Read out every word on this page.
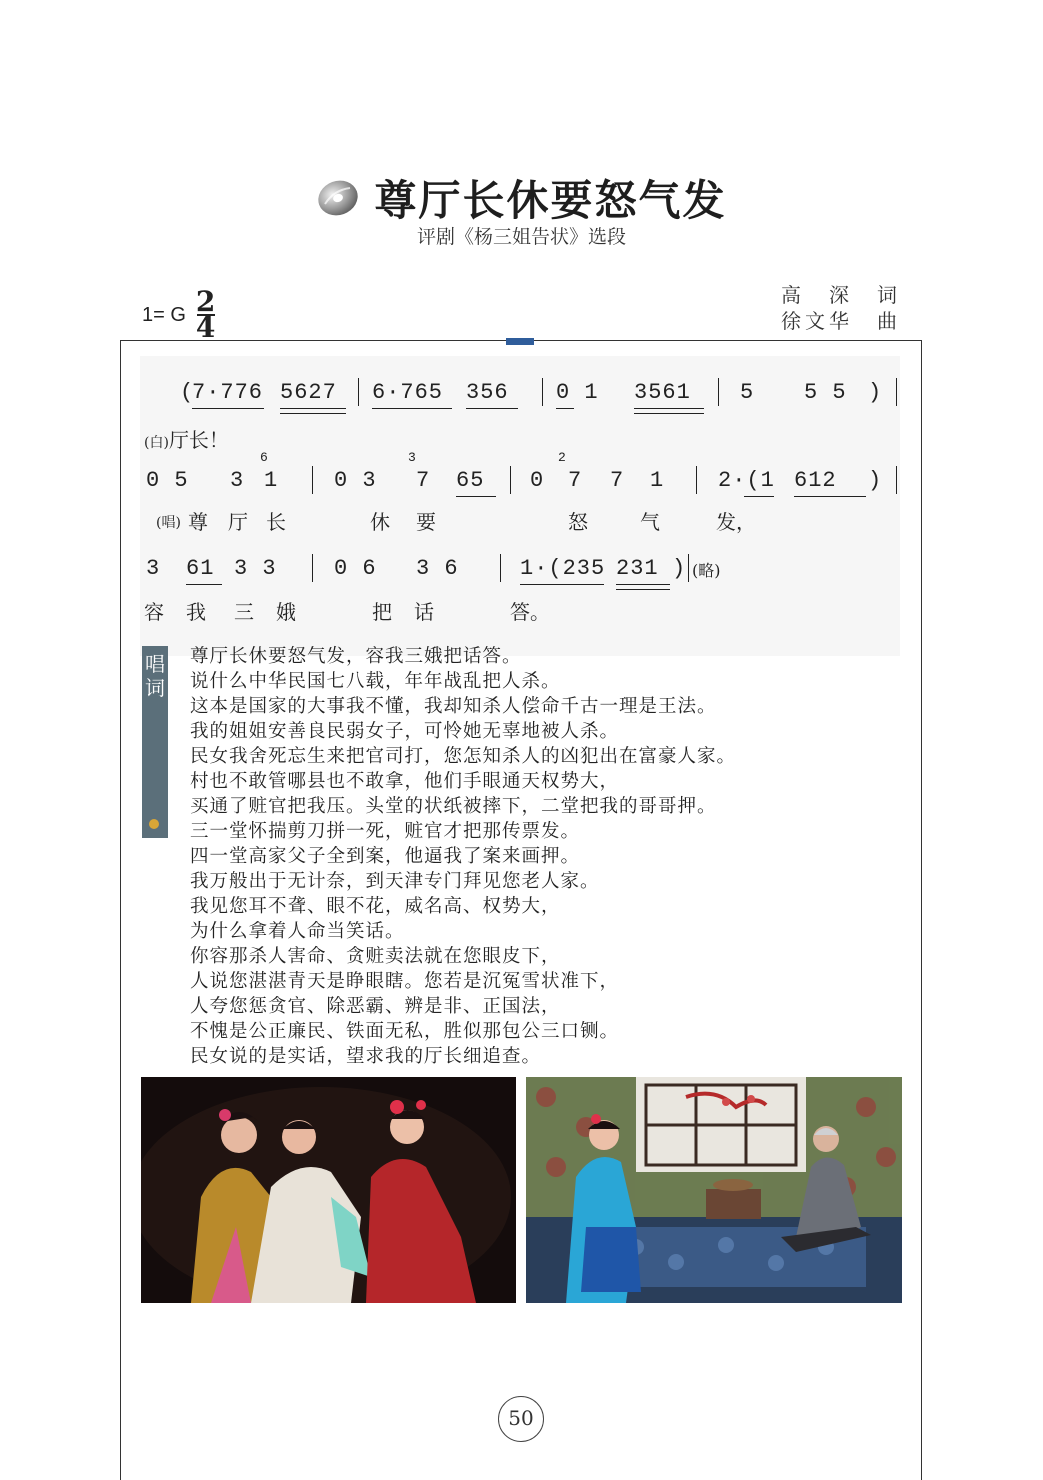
尊厅长休要怒气发
评剧《杨三姐告状》选段
1= G 2
4
高　深　词
徐文华　曲
(
7·776 5627 6·765 356 0 1 3561 5 5 5 )
(白)厅长！
0 5 3
6
1	0 3
3
7 65 0
2
7 7 1 2·(1 612 )
(唱) 尊 厅 长	休 要	怒	气	发，
3 61 3 3	0 6 3 6	1·(235 231 ) (略)
容 我 三 娥	把 话	答。
唱词
尊厅长休要怒气发，容我三娥把话答。
说什么中华民国七八载，年年战乱把人杀。
这本是国家的大事我不懂，我却知杀人偿命千古一理是王法。
我的姐姐安善良民弱女子，可怜她无辜地被人杀。
民女我舍死忘生来把官司打，您怎知杀人的凶犯出在富豪人家。
村也不敢管哪县也不敢拿，他们手眼通天权势大，
买通了赃官把我压。头堂的状纸被摔下，二堂把我的哥哥押。
三一堂怀揣剪刀拼一死，赃官才把那传票发。
四一堂高家父子全到案，他逼我了案来画押。
我万般出于无计奈，到天津专门拜见您老人家。
我见您耳不聋、眼不花，威名高、权势大，
为什么拿着人命当笑话。
你容那杀人害命、贪赃卖法就在您眼皮下，
人说您湛湛青天是睁眼瞎。您若是沉冤雪状准下，
人夸您惩贪官、除恶霸、辨是非、正国法，
不愧是公正廉民、铁面无私，胜似那包公三口铡。
民女说的是实话，望求我的厅长细追查。
50
